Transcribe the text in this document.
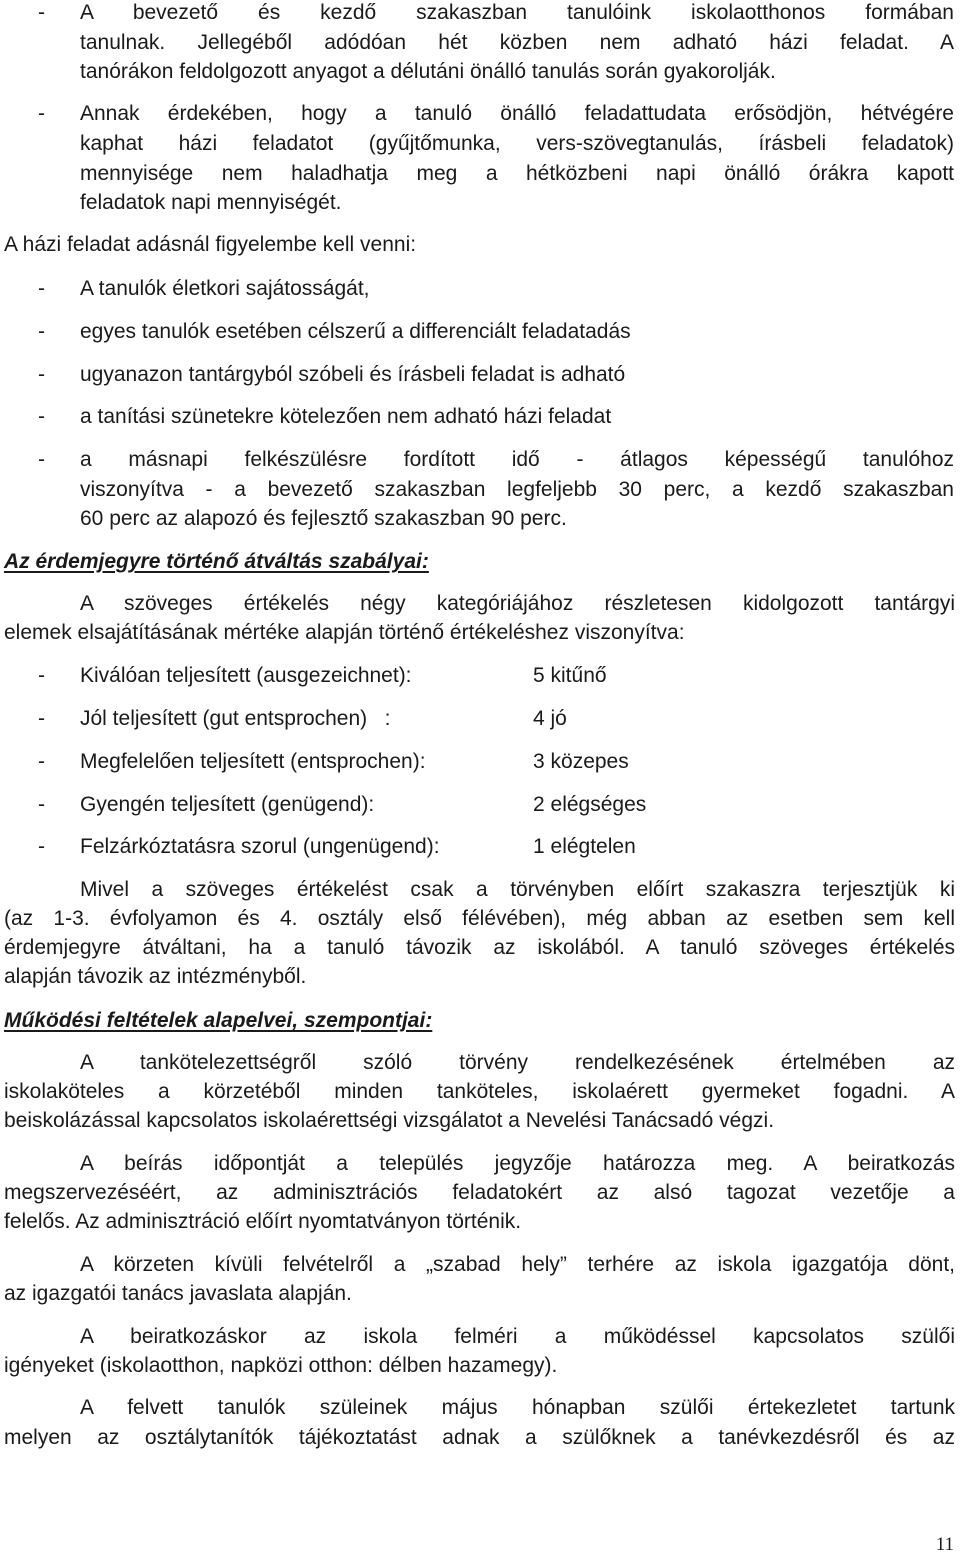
- A bevezető és kezdő szakaszban tanulóink iskolaotthonos formában
tanulnak. Jellegéből adódóan hét közben nem adható házi feladat. A
tanórákon feldolgozott anyagot a délutáni önálló tanulás során gyakorolják.
- Annak érdekében, hogy a tanuló önálló feladattudata erősödjön, hétvégére
kaphat házi feladatot (gyűjtőmunka, vers-szövegtanulás, írásbeli feladatok)
mennyisége nem haladhatja meg a hétközbeni napi önálló órákra kapott
feladatok napi mennyiségét.
A házi feladat adásnál figyelembe kell venni:
- A tanulók életkori sajátosságát,
- egyes tanulók esetében célszerű a differenciált feladatadás
- ugyanazon tantárgyból szóbeli és írásbeli feladat is adható
- a tanítási szünetekre kötelezően nem adható házi feladat
- a másnapi felkészülésre fordított idő - átlagos képességű tanulóhoz
viszonyítva - a bevezető szakaszban legfeljebb 30 perc, a kezdő szakaszban
60 perc az alapozó és fejlesztő szakaszban 90 perc.
Az érdemjegyre történő átváltás szabályai:
A szöveges értékelés négy kategóriájához részletesen kidolgozott tantárgyi
elemek elsajátításának mértéke alapján történő értékeléshez viszonyítva:
- Kiválóan teljesített (ausgezeichnet):	5 kitűnő
- Jól teljesített (gut entsprochen)   :	4 jó
- Megfelelően teljesített (entsprochen):	3 közepes
- Gyengén teljesített (genügend):	2 elégséges
- Felzárkóztatásra szorul (ungenügend):	1 elégtelen
Mivel a szöveges értékelést csak a törvényben előírt szakaszra terjesztjük ki
(az 1-3. évfolyamon és 4. osztály első félévében), még abban az esetben sem kell
érdemjegyre átváltani, ha a tanuló távozik az iskolából. A tanuló szöveges értékelés
alapján távozik az intézményből.
Működési feltételek alapelvei, szempontjai:
A tankötelezettségről szóló törvény rendelkezésének értelmében az
iskolaköteles a körzetéből minden tanköteles, iskolaérett gyermeket fogadni. A
beiskolázással kapcsolatos iskolaérettségi vizsgálatot a Nevelési Tanácsadó végzi.
A beírás időpontját a település jegyzője határozza meg. A beiratkozás
megszervezéséért, az adminisztrációs feladatokért az alsó tagozat vezetője a
felelős. Az adminisztráció előírt nyomtatványon történik.
A körzeten kívüli felvételről a „szabad hely” terhére az iskola igazgatója dönt,
az igazgatói tanács javaslata alapján.
A beiratkozáskor az iskola felméri a működéssel kapcsolatos szülői
igényeket (iskolaotthon, napközi otthon: délben hazamegy).
A felvett tanulók szüleinek május hónapban szülői értekezletet tartunk
melyen az osztálytanítók tájékoztatást adnak a szülőknek a tanévkezdésről és az
11
